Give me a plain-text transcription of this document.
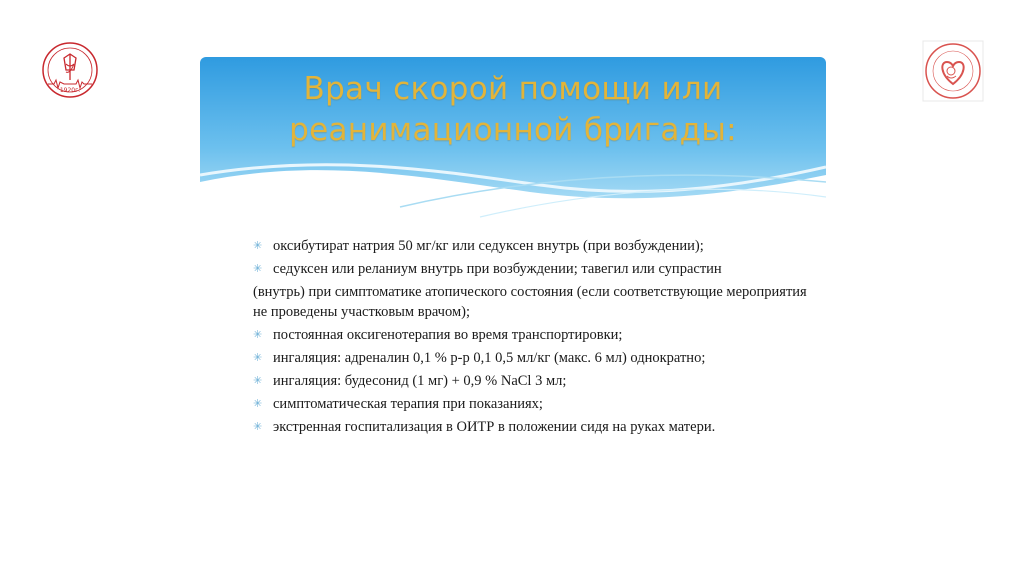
1920г.	Врач скорой помощи или
реанимационной бригады:
✳ оксибутират натрия 50 мг/кг или седуксен внутрь (при возбуждении);
✳ седуксен или реланиум внутрь при возбуждении; тавегил или супрастин
(внутрь) при симптоматике атопического состояния (если соответствующие мероприятия не проведены участковым врачом);
✳ постоянная оксигенотерапия во время транспортировки;
✳ ингаляция: адреналин 0,1 % р-р 0,1 0,5 мл/кг (макс. 6 мл) однократно;
✳ ингаляция: будесонид (1 мг) + 0,9 % NaCl 3 мл;
✳ симптоматическая терапия при показаниях;
✳ экстренная госпитализация в ОИТР в положении сидя на руках матери.
